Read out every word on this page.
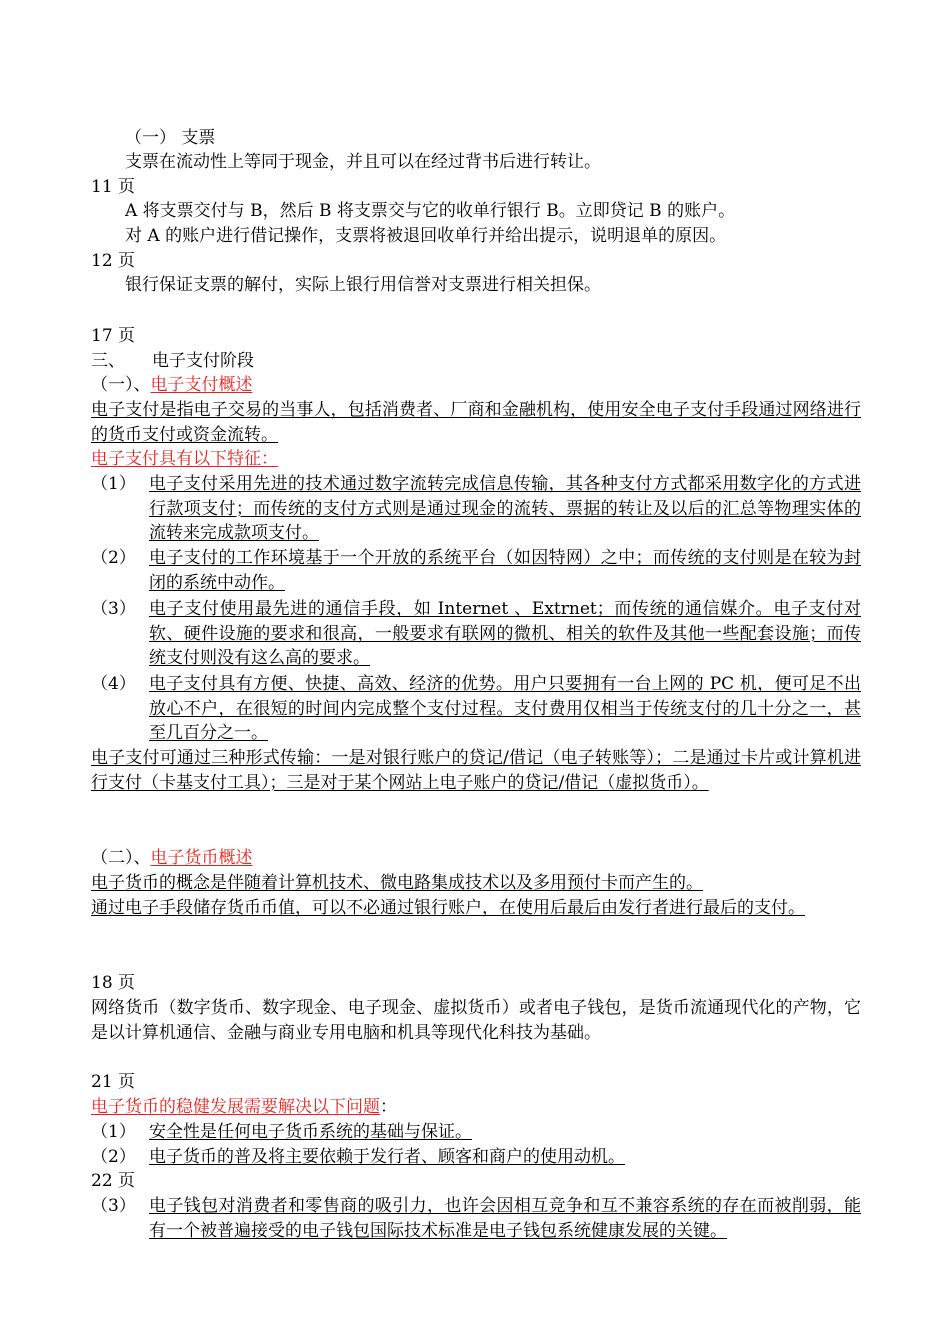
（一） 支票
支票在流动性上等同于现金，并且可以在经过背书后进行转让。
11 页
A 将支票交付与 B，然后 B 将支票交与它的收单行银行 B。立即贷记 B 的账户。
对 A 的账户进行借记操作，支票将被退回收单行并给出提示，说明退单的原因。
12 页
银行保证支票的解付，实际上银行用信誉对支票进行相关担保。
17 页
三、     电子支付阶段
（一）、电子支付概述
电子支付是指电子交易的当事人，包括消费者、厂商和金融机构，使用安全电子支付手段通过网络进行的货币支付或资金流转。
电子支付具有以下特征：
（1） 电子支付采用先进的技术通过数字流转完成信息传输，其各种支付方式都采用数字化的方式进行款项支付；而传统的支付方式则是通过现金的流转、票据的转让及以后的汇总等物理实体的流转来完成款项支付。
（2） 电子支付的工作环境基于一个开放的系统平台（如因特网）之中；而传统的支付则是在较为封闭的系统中动作。
（3） 电子支付使用最先进的通信手段，如 Internet 、Extrnet；而传统的通信媒介。电子支付对软、硬件设施的要求和很高，一般要求有联网的微机、相关的软件及其他一些配套设施；而传统支付则没有这么高的要求。
（4） 电子支付具有方便、快捷、高效、经济的优势。用户只要拥有一台上网的 PC 机，便可足不出放心不户，在很短的时间内完成整个支付过程。支付费用仅相当于传统支付的几十分之一，甚至几百分之一。
电子支付可通过三种形式传输：一是对银行账户的贷记/借记（电子转账等）；二是通过卡片或计算机进行支付（卡基支付工具）；三是对于某个网站上电子账户的贷记/借记（虚拟货币）。
（二）、电子货币概述
电子货币的概念是伴随着计算机技术、微电路集成技术以及多用预付卡而产生的。
通过电子手段储存货币币值，可以不必通过银行账户，在使用后最后由发行者进行最后的支付。
18 页
网络货币（数字货币、数字现金、电子现金、虚拟货币）或者电子钱包，是货币流通现代化的产物，它是以计算机通信、金融与商业专用电脑和机具等现代化科技为基础。
21 页
电子货币的稳健发展需要解决以下问题：
（1） 安全性是任何电子货币系统的基础与保证。
（2） 电子货币的普及将主要依赖于发行者、顾客和商户的使用动机。
22 页
（3） 电子钱包对消费者和零售商的吸引力，也许会因相互竞争和互不兼容系统的存在而被削弱，能有一个被普遍接受的电子钱包国际技术标准是电子钱包系统健康发展的关键。
